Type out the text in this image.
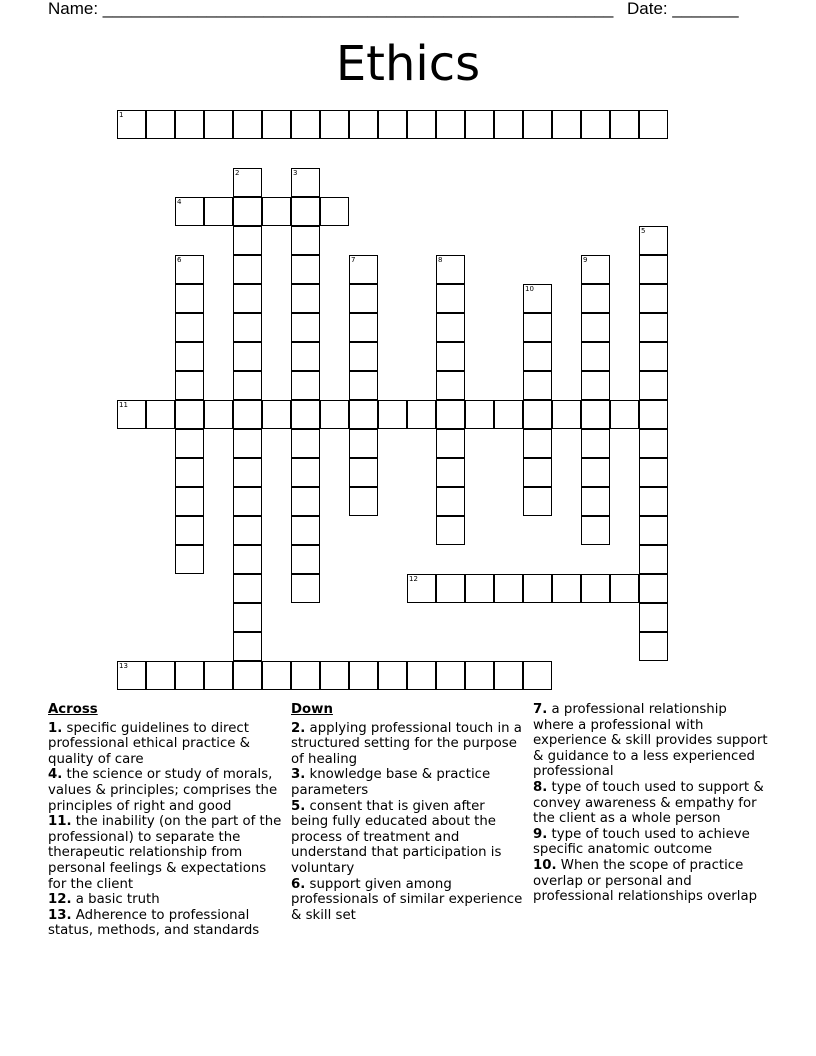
Name: ______________________________________________________ Date: _______
Ethics
1
2	3
4
5
6	7	8	9
10
11
12
13
Across
1. specific guidelines to direct professional ethical practice & quality of care
4. the science or study of morals, values & principles; comprises the principles of right and good
11. the inability (on the part of the professional) to separate the therapeutic relationship from personal feelings & expectations for the client
12. a basic truth
13. Adherence to professional status, methods, and standards
Down
2. applying professional touch in a structured setting for the purpose of healing
3. knowledge base & practice parameters
5. consent that is given after being fully educated about the process of treatment and understand that participation is voluntary
6. support given among professionals of similar experience & skill set
7. a professional relationship where a professional with experience & skill provides support & guidance to a less experienced professional
8. type of touch used to support & convey awareness & empathy for the client as a whole person
9. type of touch used to achieve specific anatomic outcome
10. When the scope of practice overlap or personal and professional relationships overlap
